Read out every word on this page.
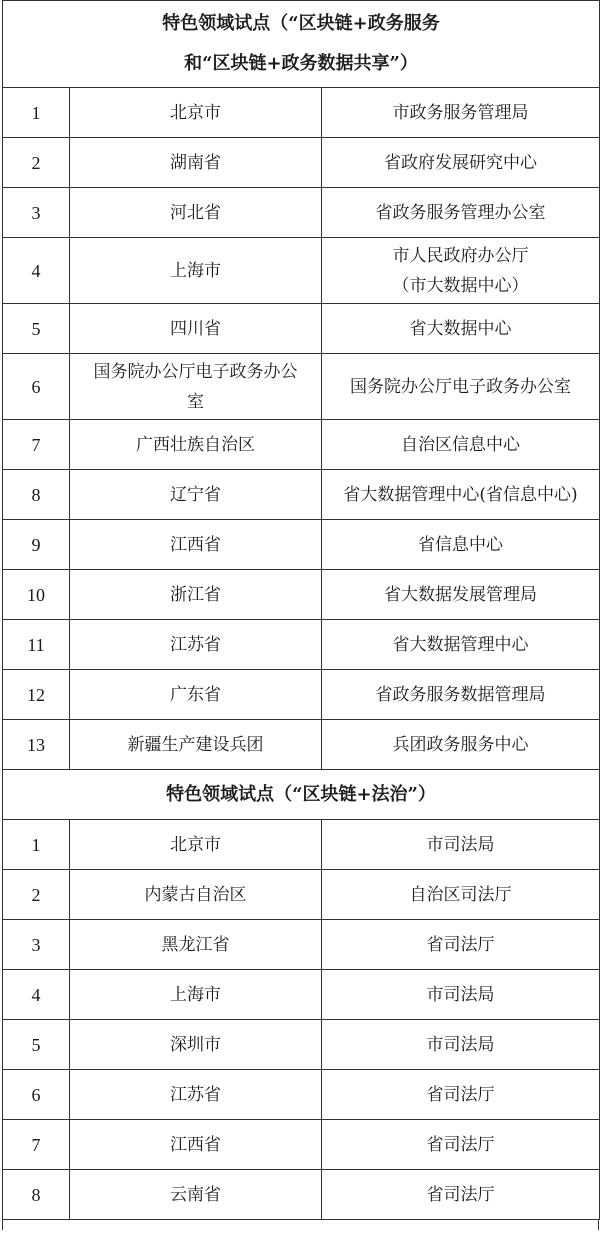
特色领域试点（“区块链+政务服务
和“区块链+政务数据共享”）		

1	北京市	市政务服务管理局

2	湖南省	省政府发展研究中心

3	河北省	省政务服务管理办公室

4	上海市	市人民政府办公厅
（市大数据中心）

5	四川省	省大数据中心

6	国务院办公厅电子政务办公
室	国务院办公厅电子政务办公室

7	广西壮族自治区	自治区信息中心

8	辽宁省	省大数据管理中心(省信息中心)

9	江西省	省信息中心

10	浙江省	省大数据发展管理局

11	江苏省	省大数据管理中心

12	广东省	省政务服务数据管理局

13	新疆生产建设兵团	兵团政务服务中心

特色领域试点（“区块链+法治”）		

1	北京市	市司法局

2	内蒙古自治区	自治区司法厅

3	黑龙江省	省司法厅

4	上海市	市司法局

5	深圳市	市司法局

6	江苏省	省司法厅

7	江西省	省司法厅

8	云南省	省司法厅
